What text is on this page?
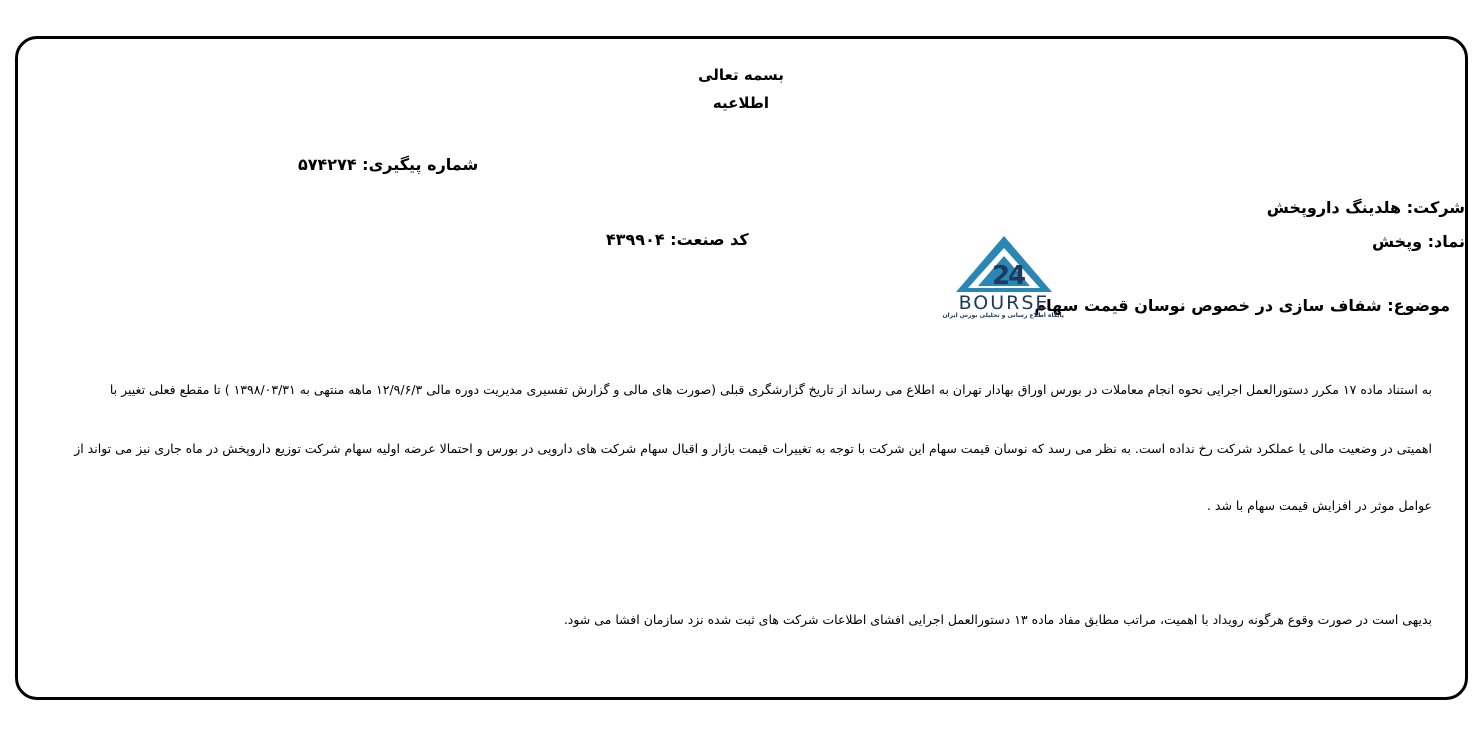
بسمه تعالی
اطلاعیه
شماره پیگیری: ۵۷۴۲۷۴
شرکت: هلدینگ داروپخش
نماد: وپخش
کد صنعت: ۴۳۹۹۰۴
موضوع: شفاف سازی در خصوص نوسان قیمت سهام
2
4
BOURSE
پایگاه اطلاع رسانی و تحلیلی بورس ایران
به استناد ماده ۱۷ مکرر دستورالعمل اجرایی نحوه انجام معاملات در بورس اوراق بهادار تهران به اطلاع می رساند از تاریخ گزارشگری قبلی (صورت های مالی و گزارش تفسیری مدیریت دوره مالی ۱۲/۹/۶/۳ ماهه منتهی به ۱۳۹۸/۰۳/۳۱ ) تا مقطع فعلی تغییر با
اهمیتی در وضعیت مالی یا عملکرد شرکت رخ نداده است. به نظر می رسد که نوسان قیمت سهام این شرکت با توجه به تغییرات قیمت بازار و اقبال سهام شرکت های دارویی در بورس و احتمالا عرضه اولیه سهام شرکت توزیع داروپخش در ماه جاری نیز می تواند از
عوامل موثر در افزایش قیمت سهام با شد .
بدیهی است در صورت وقوع هرگونه رویداد با اهمیت، مراتب مطابق مفاد ماده ۱۳ دستورالعمل اجرایی افشای اطلاعات شرکت های ثبت شده نزد سازمان افشا می شود.
